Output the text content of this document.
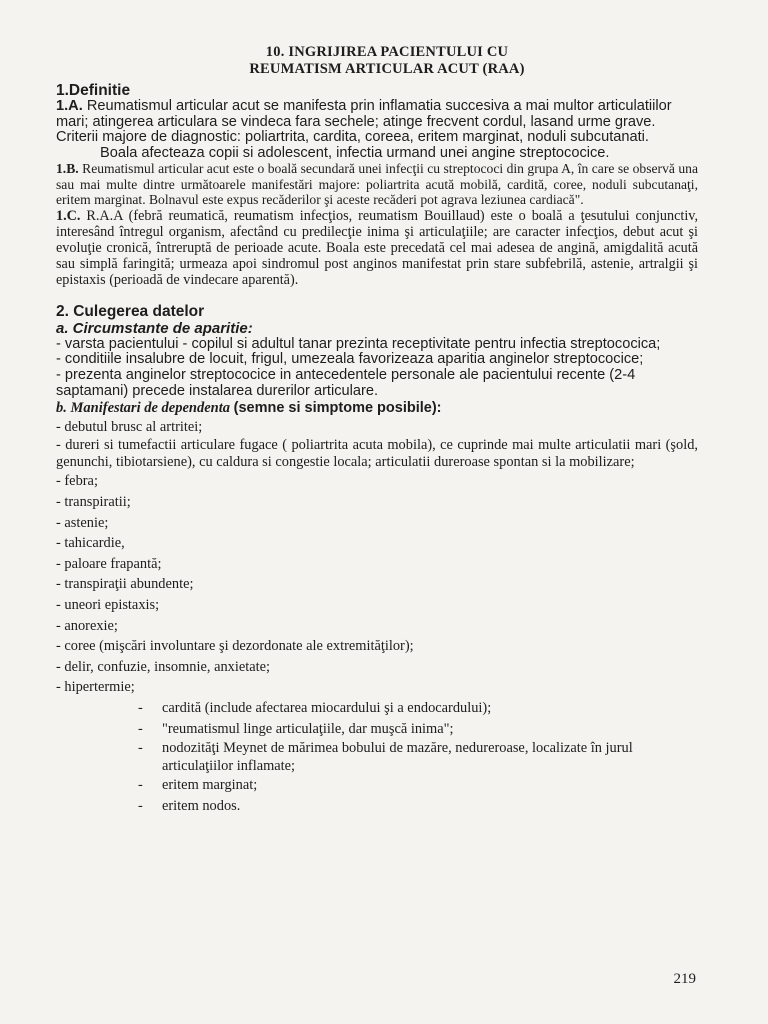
10. INGRIJIREA PACIENTULUI CU
REUMATISM ARTICULAR ACUT (RAA)
1.Definitie

1.A. Reumatismul articular acut se manifesta prin inflamatia succesiva a mai multor articulatiilor mari; atingerea articulara se vindeca fara sechele; atinge frecvent cordul, lasand urme grave. Criterii majore de diagnostic: poliartrita, cardita, coreea, eritem marginat, noduli subcutanati.

Boala afecteaza copii si adolescent, infectia urmand unei angine streptococice.

1.B. Reumatismul articular acut este o boală secundară unei infecţii cu streptococi din grupa A, în care se observă una sau mai multe dintre următoarele manifestări majore: poliartrita acută mobilă, cardită, coree, noduli subcutanaţi, eritem marginat. Bolnavul este expus recăderilor şi aceste recăderi pot agrava leziunea cardiacă".

1.C. R.A.A (febră reumatică, reumatism infecţios, reumatism Bouillaud) este o boală a ţesutului conjunctiv, interesând întregul organism, afectând cu predilecţie inima şi articulaţiile; are caracter infecţios, debut acut şi evoluţie cronică, întreruptă de perioade acute. Boala este precedată cel mai adesea de angină, amigdalită acută sau simplă faringită; urmeaza apoi sindromul post anginos manifestat prin stare subfebrilă, astenie, artralgii şi epistaxis (perioadă de vindecare aparentă).

2. Culegerea datelor
a. Circumstante de aparitie:
- varsta pacientului - copilul si adultul tanar prezinta receptivitate pentru infectia streptococica;
- conditiile insalubre de locuit, frigul, umezeala favorizeaza aparitia anginelor streptococice;
- prezenta anginelor streptococice in antecedentele personale ale pacientului recente (2-4 saptamani) precede instalarea durerilor articulare.
b. Manifestari de dependenta (semne si simptome posibile):
- debutul brusc al artritei;
- dureri si tumefactii articulare fugace ( poliartrita acuta mobila), ce cuprinde mai multe articulatii mari (şold, genunchi, tibiotarsiene), cu caldura si congestie locala; articulatii dureroase spontan si la mobilizare;
- febra;
- transpiratii;
- astenie;
- tahicardie,
- paloare frapantă;
- transpiraţii abundente;
- uneori epistaxis;
- anorexie;
- coree (mişcări involuntare şi dezordonate ale extremităţilor);
- delir, confuzie, insomnie, anxietate;
- hipertermie;
-	cardită (include afectarea miocardului şi a endocardului);
-	"reumatismul linge articulaţiile, dar muşcă inima";
-	nodozităţi Meynet de mărimea bobului de mazăre, nedureroase, localizate în jurul articulaţiilor inflamate;
-	eritem marginat;
-	eritem nodos.
219
